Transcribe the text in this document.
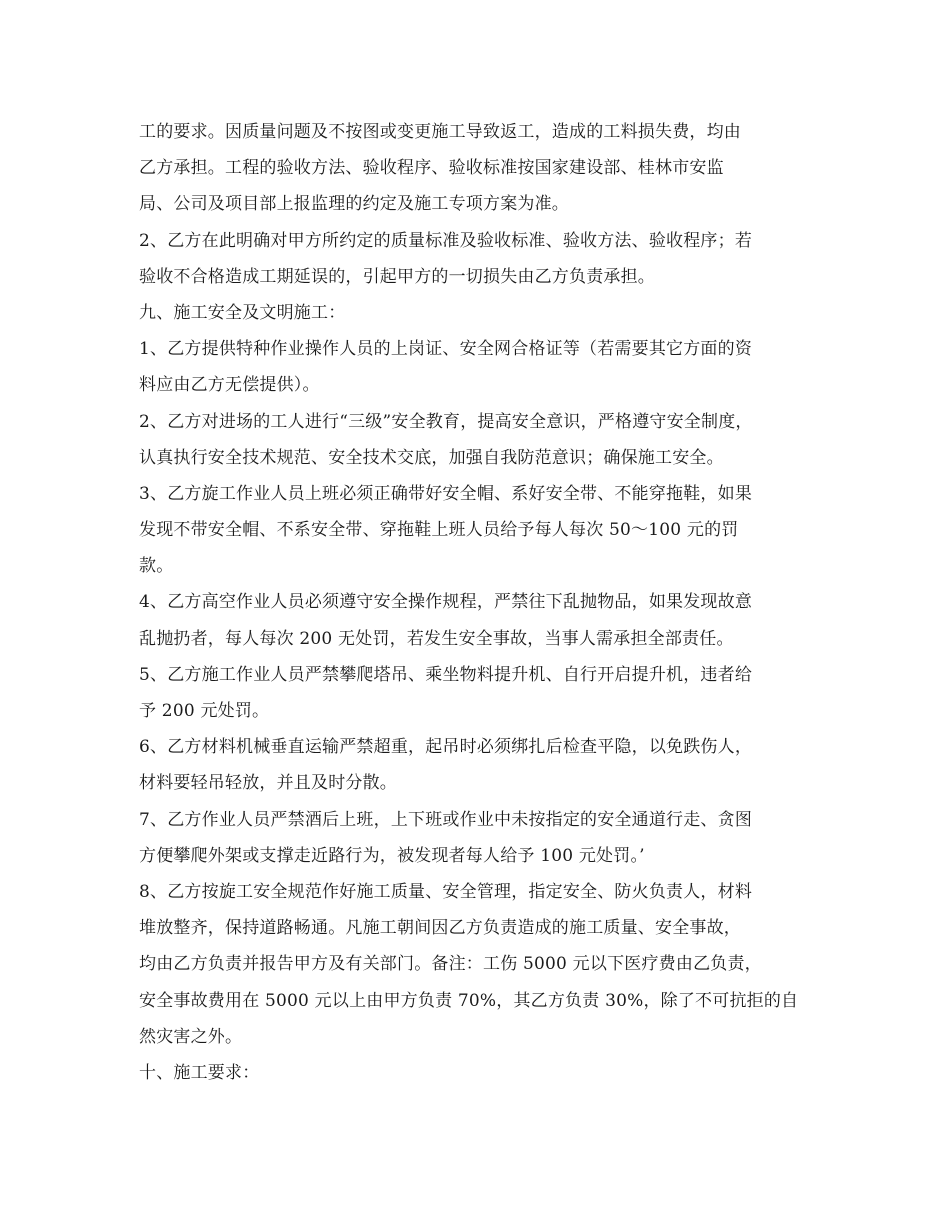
工的要求。因质量问题及不按图或变更施工导致返工，造成的工料损失费，均由
乙方承担。工程的验收方法、验收程序、验收标准按国家建设部、桂林市安监
局、公司及项目部上报监理的约定及施工专项方案为准。
2、乙方在此明确对甲方所约定的质量标准及验收标准、验收方法、验收程序；若
验收不合格造成工期延误的，引起甲方的一切损失由乙方负责承担。
九、施工安全及文明施工：
1、乙方提供特种作业操作人员的上岗证、安全网合格证等（若需要其它方面的资
料应由乙方无偿提供）。
2、乙方对进场的工人进行“三级”安全教育，提高安全意识，严格遵守安全制度，
认真执行安全技术规范、安全技术交底，加强自我防范意识；确保施工安全。
3、乙方旋工作业人员上班必须正确带好安全帽、系好安全带、不能穿拖鞋，如果
发现不带安全帽、不系安全带、穿拖鞋上班人员给予每人每次 50～100 元的罚
款。
4、乙方高空作业人员必须遵守安全操作规程，严禁往下乱抛物品，如果发现故意
乱抛扔者，每人每次 200 无处罚，若发生安全事故，当事人需承担全部责任。
5、乙方施工作业人员严禁攀爬塔吊、乘坐物料提升机、自行开启提升机，违者给
予 200 元处罚。
6、乙方材料机械垂直运输严禁超重，起吊时必须绑扎后检查平隐，以免跌伤人，
材料要轻吊轻放，并且及时分散。
7、乙方作业人员严禁酒后上班，上下班或作业中未按指定的安全通道行走、贪图
方便攀爬外架或支撑走近路行为，被发现者每人给予 100 元处罚。’
8、乙方按旋工安全规范作好施工质量、安全管理，指定安全、防火负责人，材料
堆放整齐，保持道路畅通。凡施工朝间因乙方负责造成的施工质量、安全事故，
均由乙方负责并报告甲方及有关部门。备注：工伤 5000 元以下医疗费由乙负责，
安全事故费用在 5000 元以上由甲方负责 70%，其乙方负责 30%，除了不可抗拒的自
然灾害之外。
十、施工要求：
